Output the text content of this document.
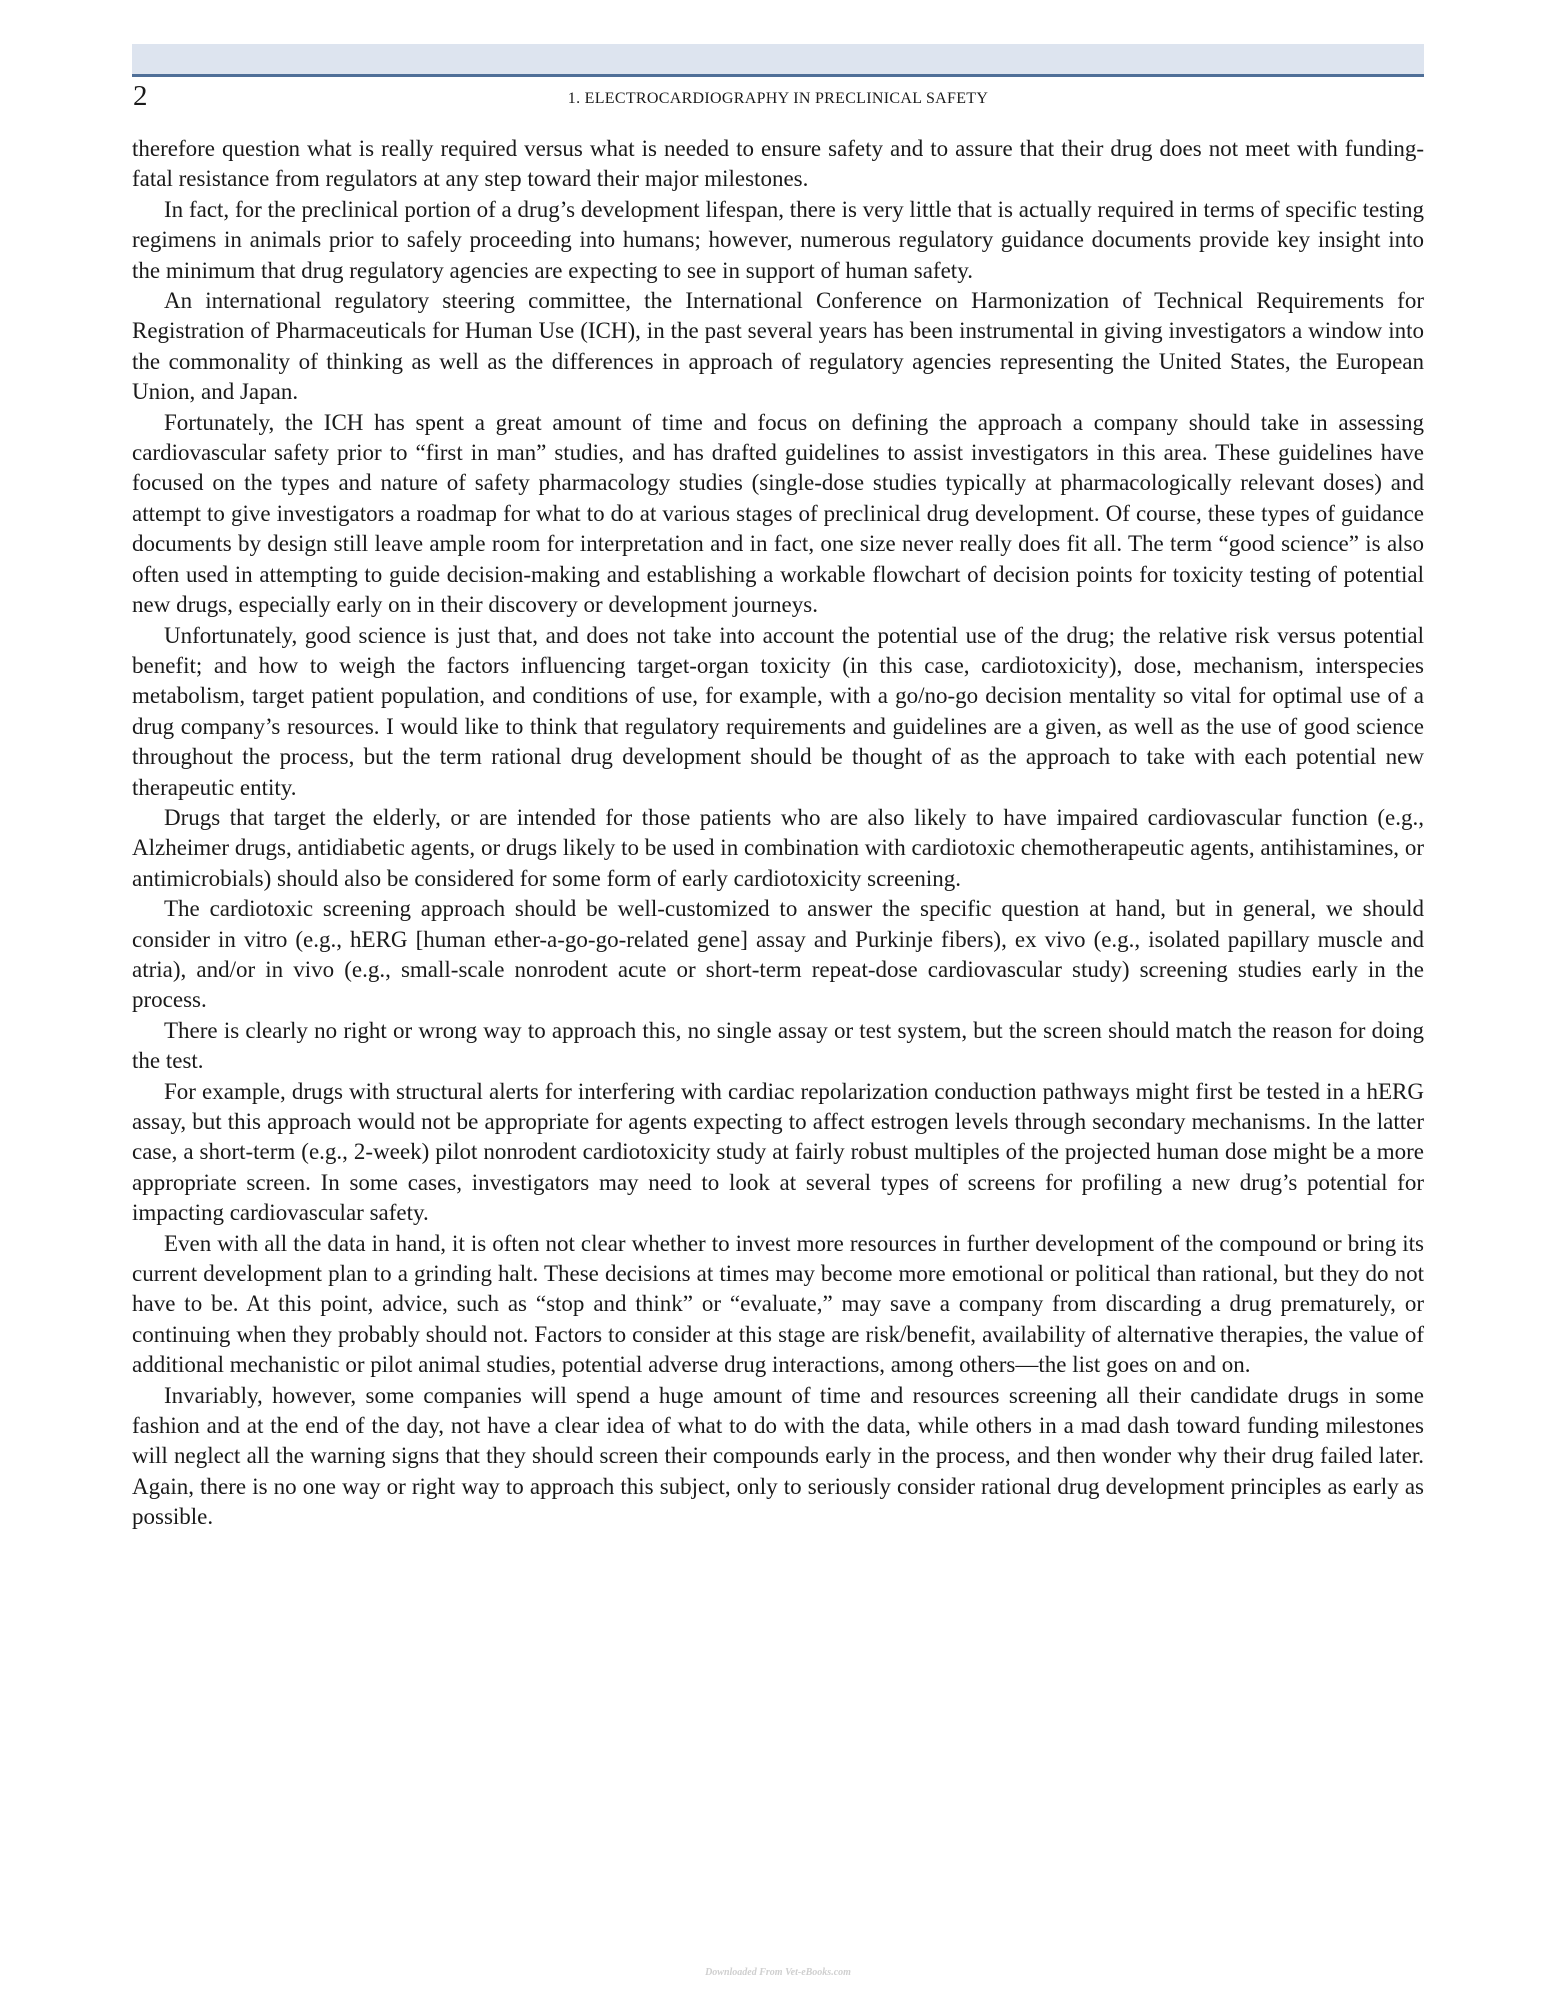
2	1. ELECTROCARDIOGRAPHY IN PRECLINICAL SAFETY

therefore question what is really required versus what is needed to ensure safety and to assure that their drug does not meet with funding-fatal resistance from regulators at any step toward their major milestones.

In fact, for the preclinical portion of a drug’s development lifespan, there is very little that is actually required in terms of specific testing regimens in animals prior to safely proceeding into humans; however, numerous regulatory guidance documents provide key insight into the minimum that drug regulatory agencies are expecting to see in support of human safety.

An international regulatory steering committee, the International Conference on Harmonization of Technical Requirements for Registration of Pharmaceuticals for Human Use (ICH), in the past several years has been instrumental in giving investigators a window into the commonality of thinking as well as the differences in approach of regulatory agencies representing the United States, the European Union, and Japan.

Fortunately, the ICH has spent a great amount of time and focus on defining the approach a company should take in assessing cardiovascular safety prior to “first in man” studies, and has drafted guidelines to assist investigators in this area. These guidelines have focused on the types and nature of safety pharmacology studies (single-dose studies typically at pharmacologically relevant doses) and attempt to give investigators a roadmap for what to do at various stages of preclinical drug development. Of course, these types of guidance documents by design still leave ample room for interpretation and in fact, one size never really does fit all. The term “good science” is also often used in attempting to guide decision-making and establishing a workable flowchart of decision points for toxicity testing of potential new drugs, especially early on in their discovery or development journeys.

Unfortunately, good science is just that, and does not take into account the potential use of the drug; the relative risk versus potential benefit; and how to weigh the factors influencing target-organ toxicity (in this case, cardiotoxicity), dose, mechanism, interspecies metabolism, target patient population, and conditions of use, for example, with a go/no-go decision mentality so vital for optimal use of a drug company’s resources. I would like to think that regulatory requirements and guidelines are a given, as well as the use of good science throughout the process, but the term rational drug development should be thought of as the approach to take with each potential new therapeutic entity.

Drugs that target the elderly, or are intended for those patients who are also likely to have impaired cardiovascular function (e.g., Alzheimer drugs, antidiabetic agents, or drugs likely to be used in combination with cardiotoxic chemotherapeutic agents, antihistamines, or antimicrobials) should also be considered for some form of early cardiotoxicity screening.

The cardiotoxic screening approach should be well-customized to answer the specific question at hand, but in general, we should consider in vitro (e.g., hERG [human ether-a-go-go-related gene] assay and Purkinje fibers), ex vivo (e.g., isolated papillary muscle and atria), and/or in vivo (e.g., small-scale nonrodent acute or short-term repeat-dose cardiovascular study) screening studies early in the process.

There is clearly no right or wrong way to approach this, no single assay or test system, but the screen should match the reason for doing the test.

For example, drugs with structural alerts for interfering with cardiac repolarization conduction pathways might first be tested in a hERG assay, but this approach would not be appropriate for agents expecting to affect estrogen levels through secondary mechanisms. In the latter case, a short-term (e.g., 2-week) pilot nonrodent cardiotoxicity study at fairly robust multiples of the projected human dose might be a more appropriate screen. In some cases, investigators may need to look at several types of screens for profiling a new drug’s potential for impacting cardiovascular safety.

Even with all the data in hand, it is often not clear whether to invest more resources in further development of the compound or bring its current development plan to a grinding halt. These decisions at times may become more emotional or political than rational, but they do not have to be. At this point, advice, such as “stop and think” or “evaluate,” may save a company from discarding a drug prematurely, or continuing when they probably should not. Factors to consider at this stage are risk/benefit, availability of alternative therapies, the value of additional mechanistic or pilot animal studies, potential adverse drug interactions, among others—the list goes on and on.

Invariably, however, some companies will spend a huge amount of time and resources screening all their candidate drugs in some fashion and at the end of the day, not have a clear idea of what to do with the data, while others in a mad dash toward funding milestones will neglect all the warning signs that they should screen their compounds early in the process, and then wonder why their drug failed later. Again, there is no one way or right way to approach this subject, only to seriously consider rational drug development principles as early as possible.

Downloaded From Vet-eBooks.com
